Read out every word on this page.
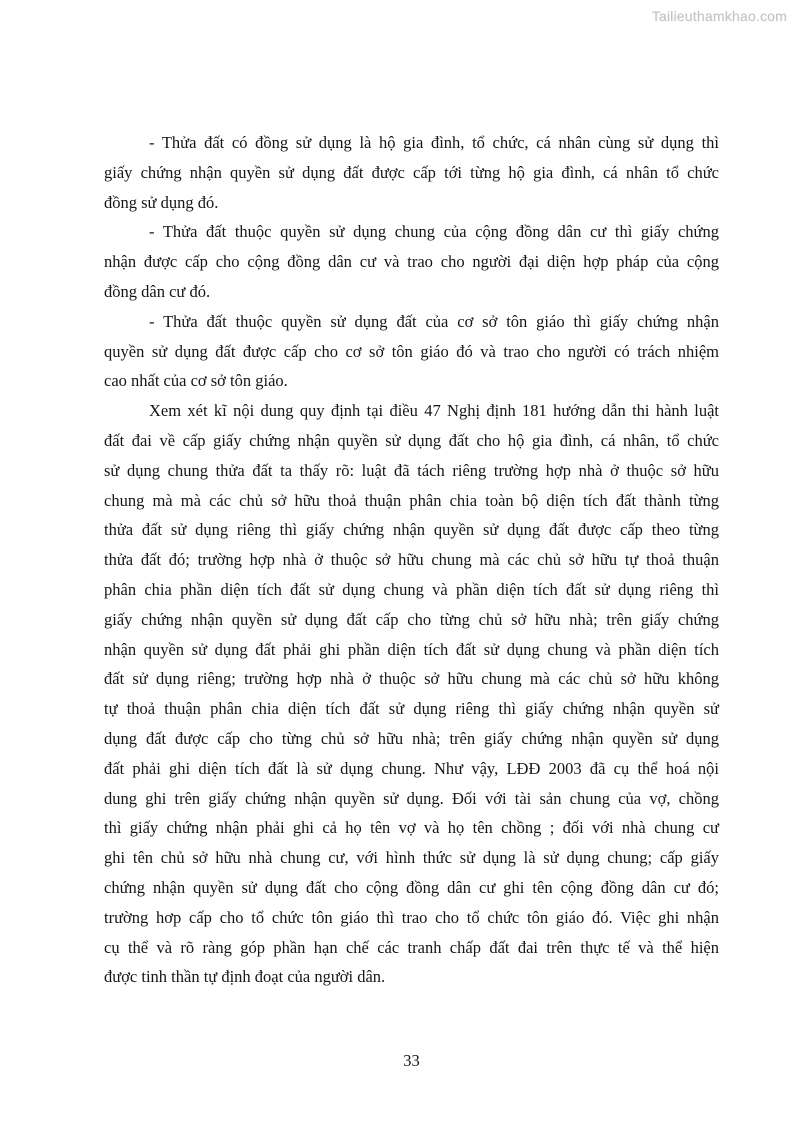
Tailieuthamkhao.com
- Thửa đất có đồng sử dụng là hộ gia đình, tổ chức, cá nhân cùng sử dụng thì
giấy chứng nhận quyền sử dụng đất được cấp tới từng hộ gia đình, cá nhân tổ chức
đồng sử dụng đó.
- Thửa đất thuộc quyền sử dụng chung của cộng đồng dân cư thì giấy chứng
nhận được cấp cho cộng đồng dân cư và trao cho người đại diện hợp pháp của cộng
đồng dân cư đó.
- Thửa đất thuộc quyền sử dụng đất của cơ sở tôn giáo thì giấy chứng nhận
quyền sử dụng đất được cấp cho cơ sở tôn giáo đó và trao cho người có trách nhiệm
cao nhất của cơ sở tôn giáo.
Xem xét kĩ nội dung quy định tại điều 47 Nghị định 181 hướng dẫn thi hành luật
đất đai về cấp giấy chứng nhận quyền sử dụng đất cho hộ gia đình, cá nhân, tổ chức
sử dụng chung thửa đất ta thấy rõ: luật đã tách riêng trường hợp nhà ở thuộc sở hữu
chung mà mà các chủ sở hữu thoả thuận phân chia toàn bộ diện tích đất thành từng
thửa đất sử dụng riêng thì giấy chứng nhận quyền sử dụng đất được cấp theo từng
thửa đất đó; trường hợp nhà ở thuộc sở hữu chung mà các chủ sở hữu tự thoả thuận
phân chia phần diện tích đất sử dụng chung và phần diện tích đất sử dụng riêng thì
giấy chứng nhận quyền sử dụng đất cấp cho từng chủ sở hữu nhà; trên giấy chứng
nhận quyền sử dụng đất phải ghi phần diện tích đất sử dụng chung và phần diện tích
đất sử dụng riêng; trường hợp nhà ở thuộc sở hữu chung mà các chủ sở hữu không
tự thoả thuận phân chia diện tích đất sử dụng riêng thì giấy chứng nhận quyền sử
dụng đất được cấp cho từng chủ sở hữu nhà; trên giấy chứng nhận quyền sử dụng
đất phải ghi diện tích đất là sử dụng chung. Như vậy, LĐĐ 2003 đã cụ thể hoá nội
dung ghi trên giấy chứng nhận quyền sử dụng. Đối với tài sản chung của vợ, chồng
thì giấy chứng nhận phải ghi cả họ tên vợ và họ tên chồng ; đối với nhà chung cư
ghi tên chủ sở hữu nhà chung cư, với hình thức sử dụng là sử dụng chung; cấp giấy
chứng nhận quyền sử dụng đất cho cộng đồng dân cư ghi tên cộng đồng dân cư đó;
trường hơp cấp cho tổ chức tôn giáo thì trao cho tổ chức tôn giáo đó. Việc ghi nhận
cụ thể và rõ ràng góp phần hạn chế các tranh chấp đất đai trên thực tế và thể hiện
được tinh thần tự định đoạt của người dân.
33
